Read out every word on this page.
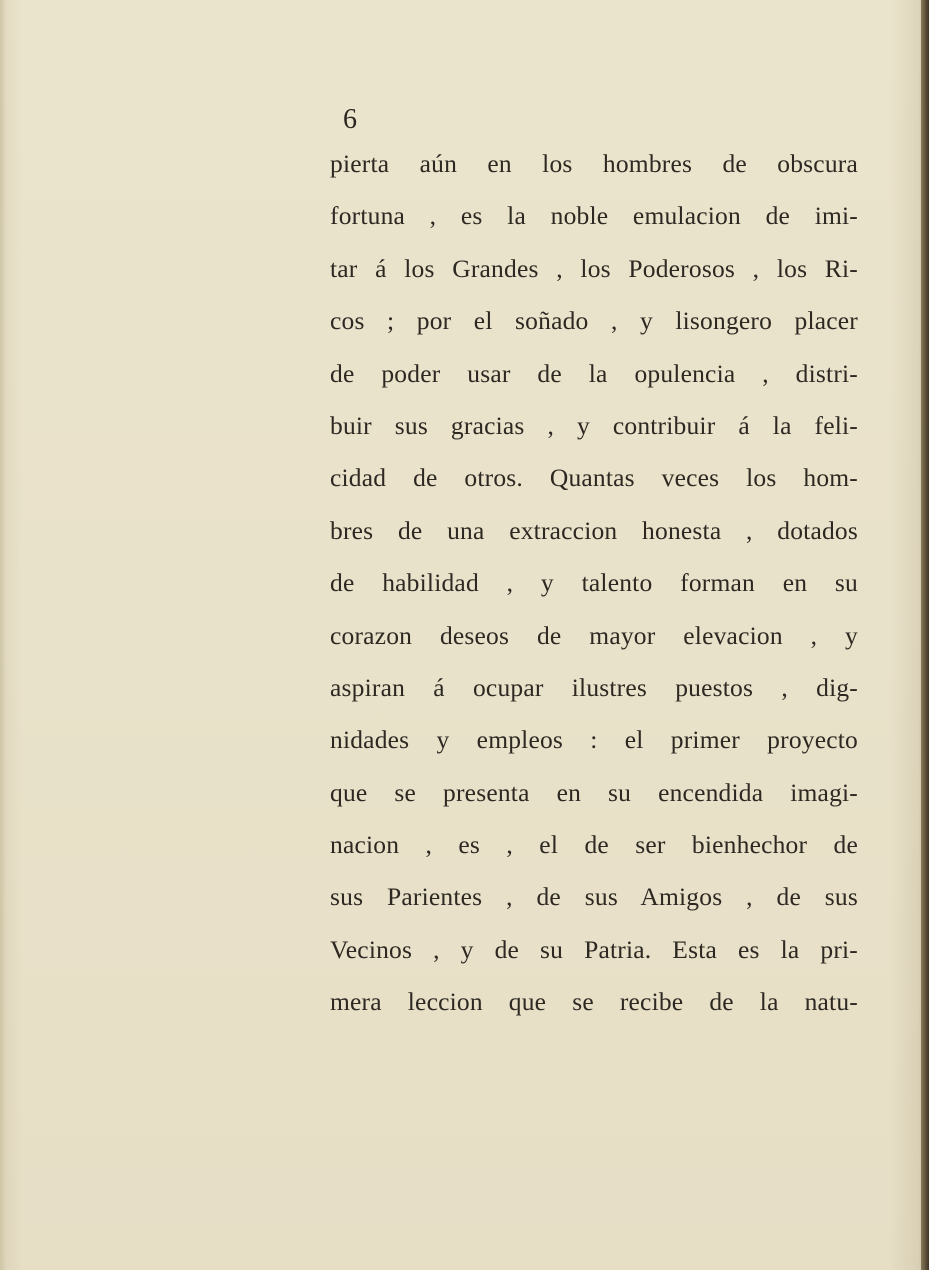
6
pierta aún en los hombres de obscura
fortuna , es la noble emulacion de imi-
tar á los Grandes , los Poderosos , los Ri-
cos ; por el soñado , y lisongero placer
de poder usar de la opulencia , distri-
buir sus gracias , y contribuir á la feli-
cidad de otros. Quantas veces los hom-
bres de una extraccion honesta , dotados
de habilidad , y talento forman en su
corazon deseos de mayor elevacion , y
aspiran á ocupar ilustres puestos , dig-
nidades y empleos : el primer proyecto
que se presenta en su encendida imagi-
nacion , es , el de ser bienhechor de
sus Parientes , de sus Amigos , de sus
Vecinos , y de su Patria. Esta es la pri-
mera leccion que se recibe de la natu-
